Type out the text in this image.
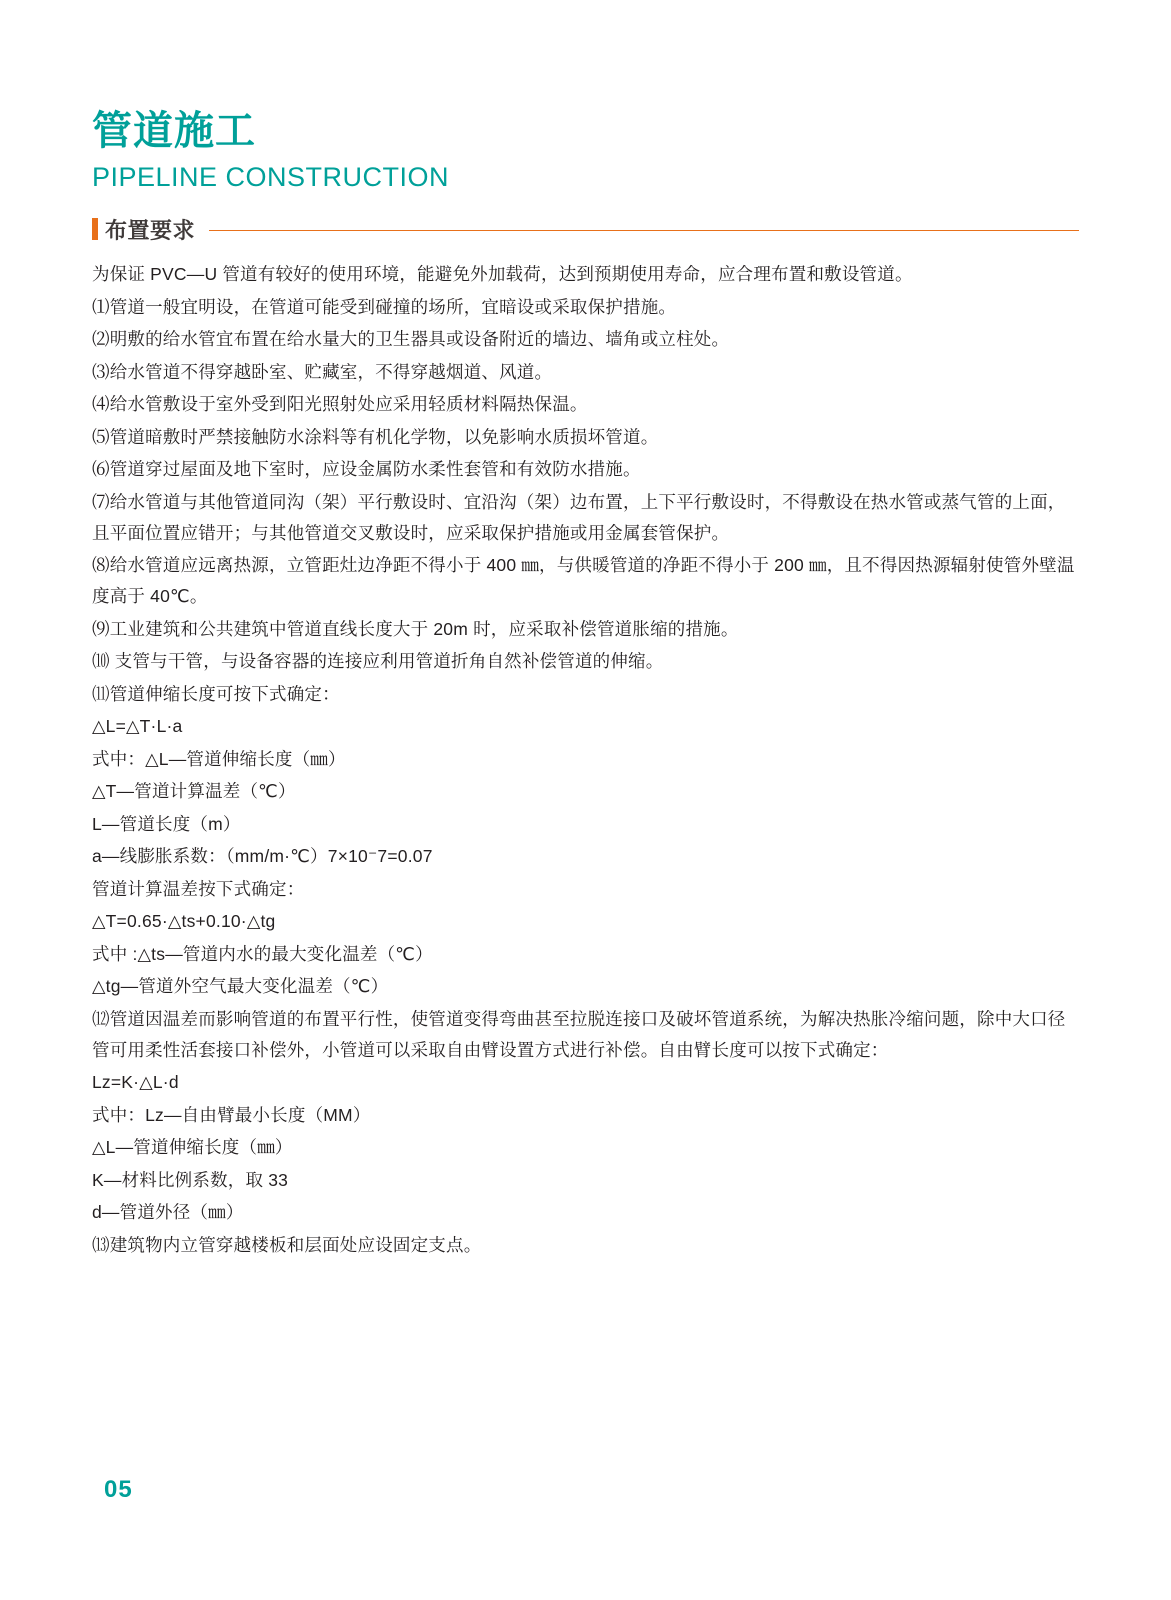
管道施工
PIPELINE CONSTRUCTION
布置要求

为保证 PVC—U 管道有较好的使用环境，能避免外加载荷，达到预期使用寿命，应合理布置和敷设管道。

⑴管道一般宜明设，在管道可能受到碰撞的场所，宜暗设或采取保护措施。

⑵明敷的给水管宜布置在给水量大的卫生器具或设备附近的墙边、墙角或立柱处。

⑶给水管道不得穿越卧室、贮藏室，不得穿越烟道、风道。

⑷给水管敷设于室外受到阳光照射处应采用轻质材料隔热保温。

⑸管道暗敷时严禁接触防水涂料等有机化学物，以免影响水质损坏管道。

⑹管道穿过屋面及地下室时，应设金属防水柔性套管和有效防水措施。

⑺给水管道与其他管道同沟（架）平行敷设时、宜沿沟（架）边布置，上下平行敷设时，不得敷设在热水管或蒸气管的上面，且平面位置应错开；与其他管道交叉敷设时，应采取保护措施或用金属套管保护。

⑻给水管道应远离热源，立管距灶边净距不得小于 400 ㎜，与供暖管道的净距不得小于 200 ㎜，且不得因热源辐射使管外壁温度高于 40℃。

⑼工业建筑和公共建筑中管道直线长度大于 20m 时，应采取补偿管道胀缩的措施。

⑽ 支管与干管，与设备容器的连接应利用管道折角自然补偿管道的伸缩。

⑾管道伸缩长度可按下式确定：

△L=△T·L·a

式中：△L—管道伸缩长度（㎜）

△T—管道计算温差（℃）

L—管道长度（m）

a—线膨胀系数：（mm/m·℃）7×10⁻7=0.07

管道计算温差按下式确定：

△T=0.65·△ts+0.10·△tg

式中 :△ts—管道内水的最大变化温差（℃）

△tg—管道外空气最大变化温差（℃）

⑿管道因温差而影响管道的布置平行性，使管道变得弯曲甚至拉脱连接口及破坏管道系统，为解决热胀冷缩问题，除中大口径管可用柔性活套接口补偿外，小管道可以采取自由臂设置方式进行补偿。自由臂长度可以按下式确定：

Lz=K·△L·d

式中：Lz—自由臂最小长度（MM）

△L—管道伸缩长度（㎜）

K—材料比例系数，取 33

d—管道外径（㎜）

⒀建筑物内立管穿越楼板和层面处应设固定支点。

05
